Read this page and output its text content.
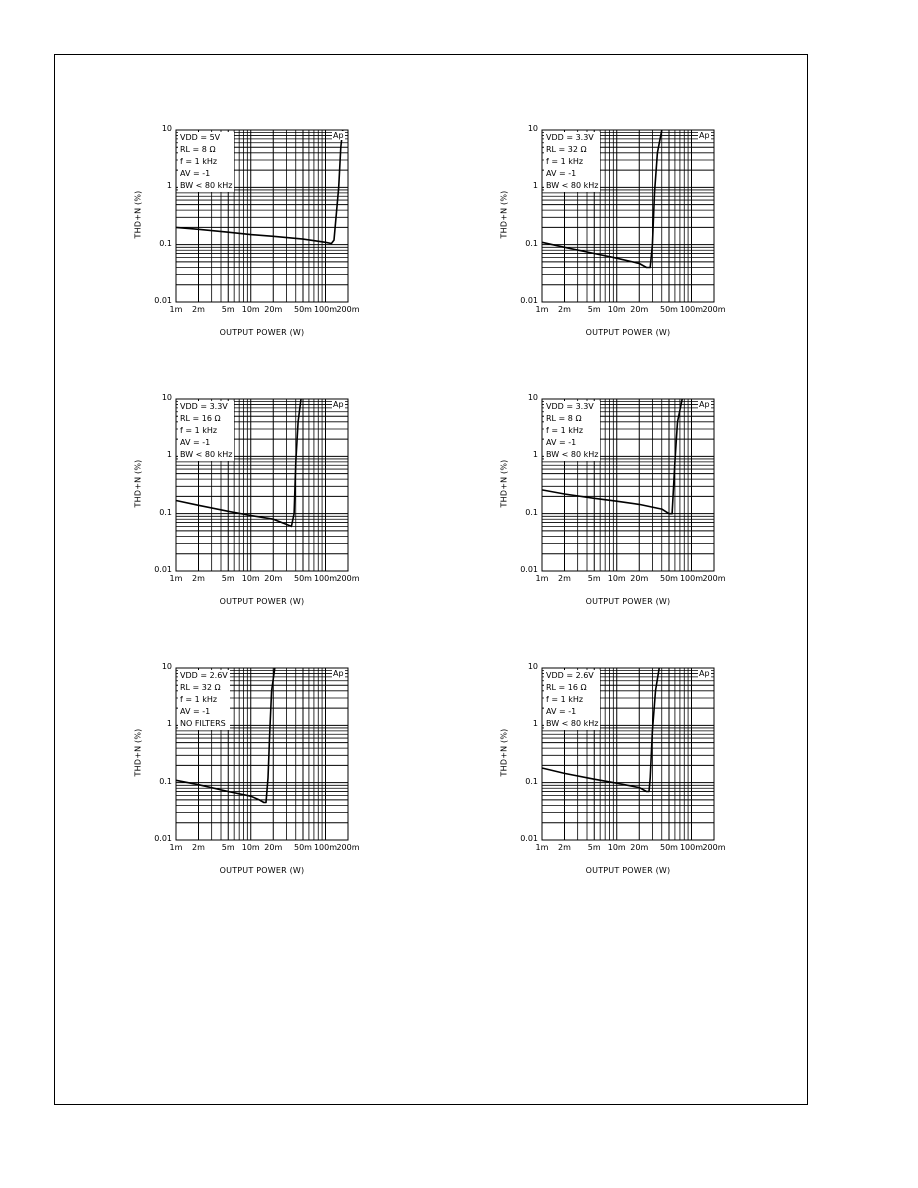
VDD = 5V
RL = 8 Ω
f = 1 kHz
AV = -1
BW < 80 kHz
Ap
10
1
0.1
0.01
1m 2m 5m 10m 20m 50m 100m 200m
THD+N (%)
OUTPUT POWER (W)
VDD = 3.3V
RL = 32 Ω
f = 1 kHz
AV = -1
BW < 80 kHz
Ap
10
1
0.1
0.01
1m 2m 5m 10m 20m 50m 100m 200m
THD+N (%)
OUTPUT POWER (W)
VDD = 3.3V
RL = 16 Ω
f = 1 kHz
AV = -1
BW < 80 kHz
Ap
10
1
0.1
0.01
1m 2m 5m 10m 20m 50m 100m 200m
THD+N (%)
OUTPUT POWER (W)
VDD = 3.3V
RL = 8 Ω
f = 1 kHz
AV = -1
BW < 80 kHz
Ap
10
1
0.1
0.01
1m 2m 5m 10m 20m 50m 100m 200m
THD+N (%)
OUTPUT POWER (W)
VDD = 2.6V
RL = 32 Ω
f = 1 kHz
AV = -1
NO FILTERS
Ap
10
1
0.1
0.01
1m 2m 5m 10m 20m 50m 100m 200m
THD+N (%)
OUTPUT POWER (W)
VDD = 2.6V
RL = 16 Ω
f = 1 kHz
AV = -1
BW < 80 kHz
Ap
10
1
0.1
0.01
1m 2m 5m 10m 20m 50m 100m 200m
THD+N (%)
OUTPUT POWER (W)
